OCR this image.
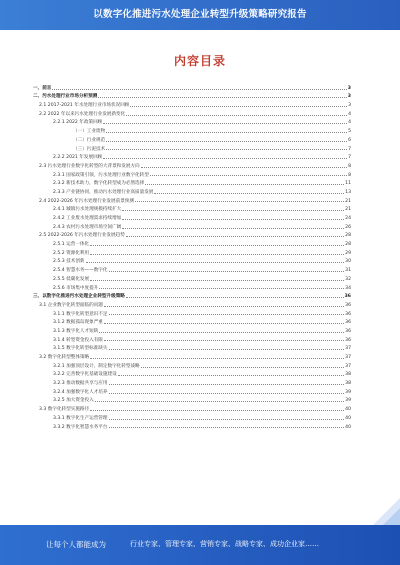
以数字化推进污水处理企业转型升级策略研究报告
内容目录
一、前言	3
二、污水处理行业市场分析预测	3
2.1 2017-2021 年水处理行业市场状况回顾	3
2.2 2022 年以来污水处理行业发展新变化	4
2.2.1 2022 年政策回顾	4
（一）工业废物	5
（二）行业规范	6
（三）污泥技术	7
2.2.2 2021 年发展回顾	7
2.3 污水处理行业数字化转型的大背景和发展方向	8
2.3.1 国家政策引领，污水处理行业数字化转型	8
2.3.2 新技术助力，数字化转型成为必然选择	11
2.3.3 产业链协同，推动污水处理行业高质量发展	13
2.4 2022-2026 年污水处理行业发展前景预测	21
2.4.1 城镇污水处理规模持续扩大	21
2.4.2 工业废水处理需求持续增加	24
2.4.3 农村污水处理市场空间广阔	26
2.5 2022-2026 年污水处理行业发展趋势	28
2.5.1 运营一体化	28
2.5.2 资源化利用	29
2.5.3 技术创新	30
2.5.4 智慧水务——数字化	31
2.5.5 低碳化发展	32
2.5.6 市场集中度提升	34
三、以数字化推进污水处理企业转型升级策略	36
3.1 企业数字化转型面临的问题	36
3.1.1 数字化转型意识不足	36
3.1.2 数据孤岛现象严重	36
3.1.3 数字化人才短缺	36
3.1.4 转型资金投入有限	36
3.1.5 数字化转型标准缺失	37
3.2 数字化转型整体策略	37
3.2.1 加强顶层设计，制定数字化转型战略	37
3.2.2 完善数字化基础设施建设	38
3.2.3 推动数据共享与应用	38
3.2.4 加强数字化人才培养	39
3.2.5 加大资金投入	39
3.3 数字化转型实施路径	40
3.3.1 数字化生产运营管理	40
3.3.2 数字化智慧水务平台	40
让每个人都能成为	行业专家、管理专家、营销专家、战略专家、成功企业家……
